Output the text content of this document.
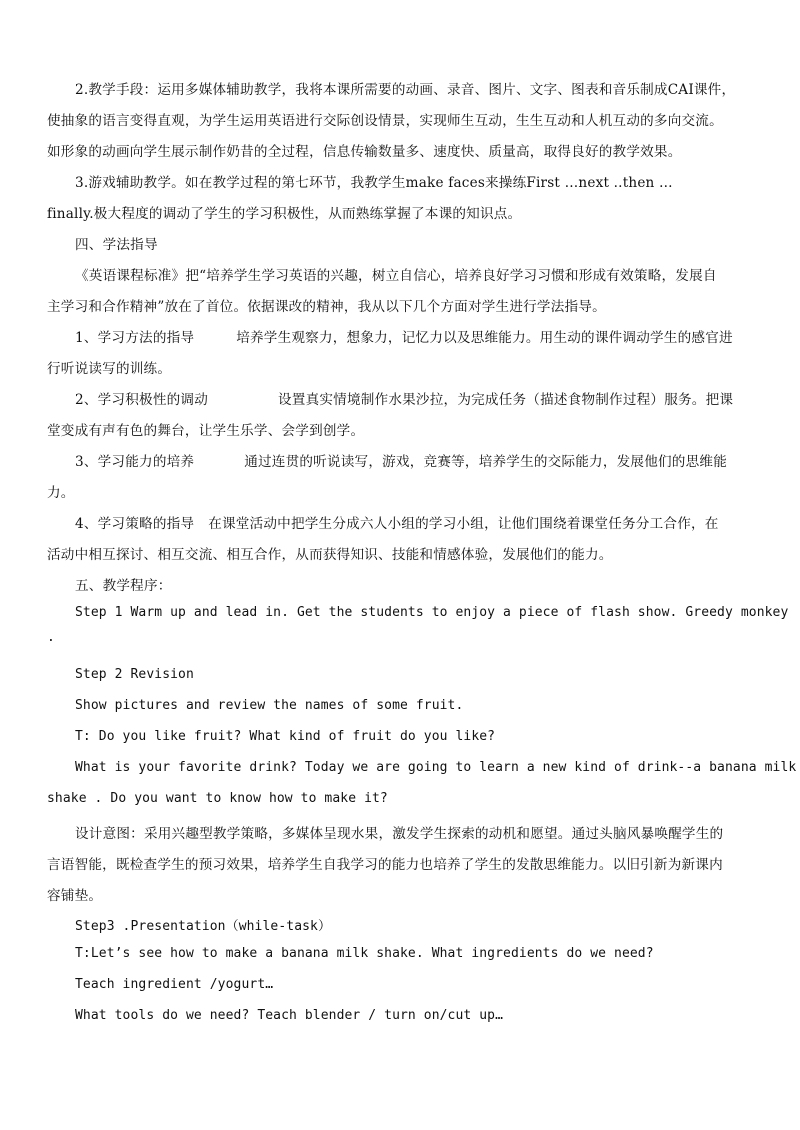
2.教学手段：运用多媒体辅助教学，我将本课所需要的动画、录音、图片、文字、图表和音乐制成CAI课件，
使抽象的语言变得直观，为学生运用英语进行交际创设情景，实现师生互动，生生互动和人机互动的多向交流。
如形象的动画向学生展示制作奶昔的全过程，信息传输数量多、速度快、质量高，取得良好的教学效果。
3.游戏辅助教学。如在教学过程的第七环节，我教学生make faces来操练First …next ..then …
finally.极大程度的调动了学生的学习积极性，从而熟练掌握了本课的知识点。
四、学法指导
《英语课程标准》把“培养学生学习英语的兴趣，树立自信心，培养良好学习习惯和形成有效策略，发展自
主学习和合作精神”放在了首位。依据课改的精神，我从以下几个方面对学生进行学法指导。
1、学习方法的指导	培养学生观察力，想象力，记忆力以及思维能力。用生动的课件调动学生的感官进
行听说读写的训练。
2、学习积极性的调动	设置真实情境制作水果沙拉，为完成任务（描述食物制作过程）服务。把课
堂变成有声有色的舞台，让学生乐学、会学到创学。
3、学习能力的培养	通过连贯的听说读写，游戏，竞赛等，培养学生的交际能力，发展他们的思维能
力。
4、学习策略的指导 在课堂活动中把学生分成六人小组的学习小组，让他们围绕着课堂任务分工合作，在
活动中相互探讨、相互交流、相互合作，从而获得知识、技能和情感体验，发展他们的能力。
五、教学程序：
Step 1 Warm up and lead in. Get the students to enjoy a piece of flash show. Greedy monkey
.
Step 2 Revision
Show pictures and review the names of some fruit.
T: Do you like fruit? What kind of fruit do you like?
What is your favorite drink? Today we are going to learn a new kind of drink--a banana milk
shake . Do you want to know how to make it?
设计意图：采用兴趣型教学策略，多媒体呈现水果，激发学生探索的动机和愿望。通过头脑风暴唤醒学生的
言语智能，既检查学生的预习效果，培养学生自我学习的能力也培养了学生的发散思维能力。以旧引新为新课内
容铺垫。
Step3 .Presentation（while-task）
T:Let’s see how to make a banana milk shake. What ingredients do we need?
Teach ingredient /yogurt…
What tools do we need? Teach blender / turn on/cut up…
